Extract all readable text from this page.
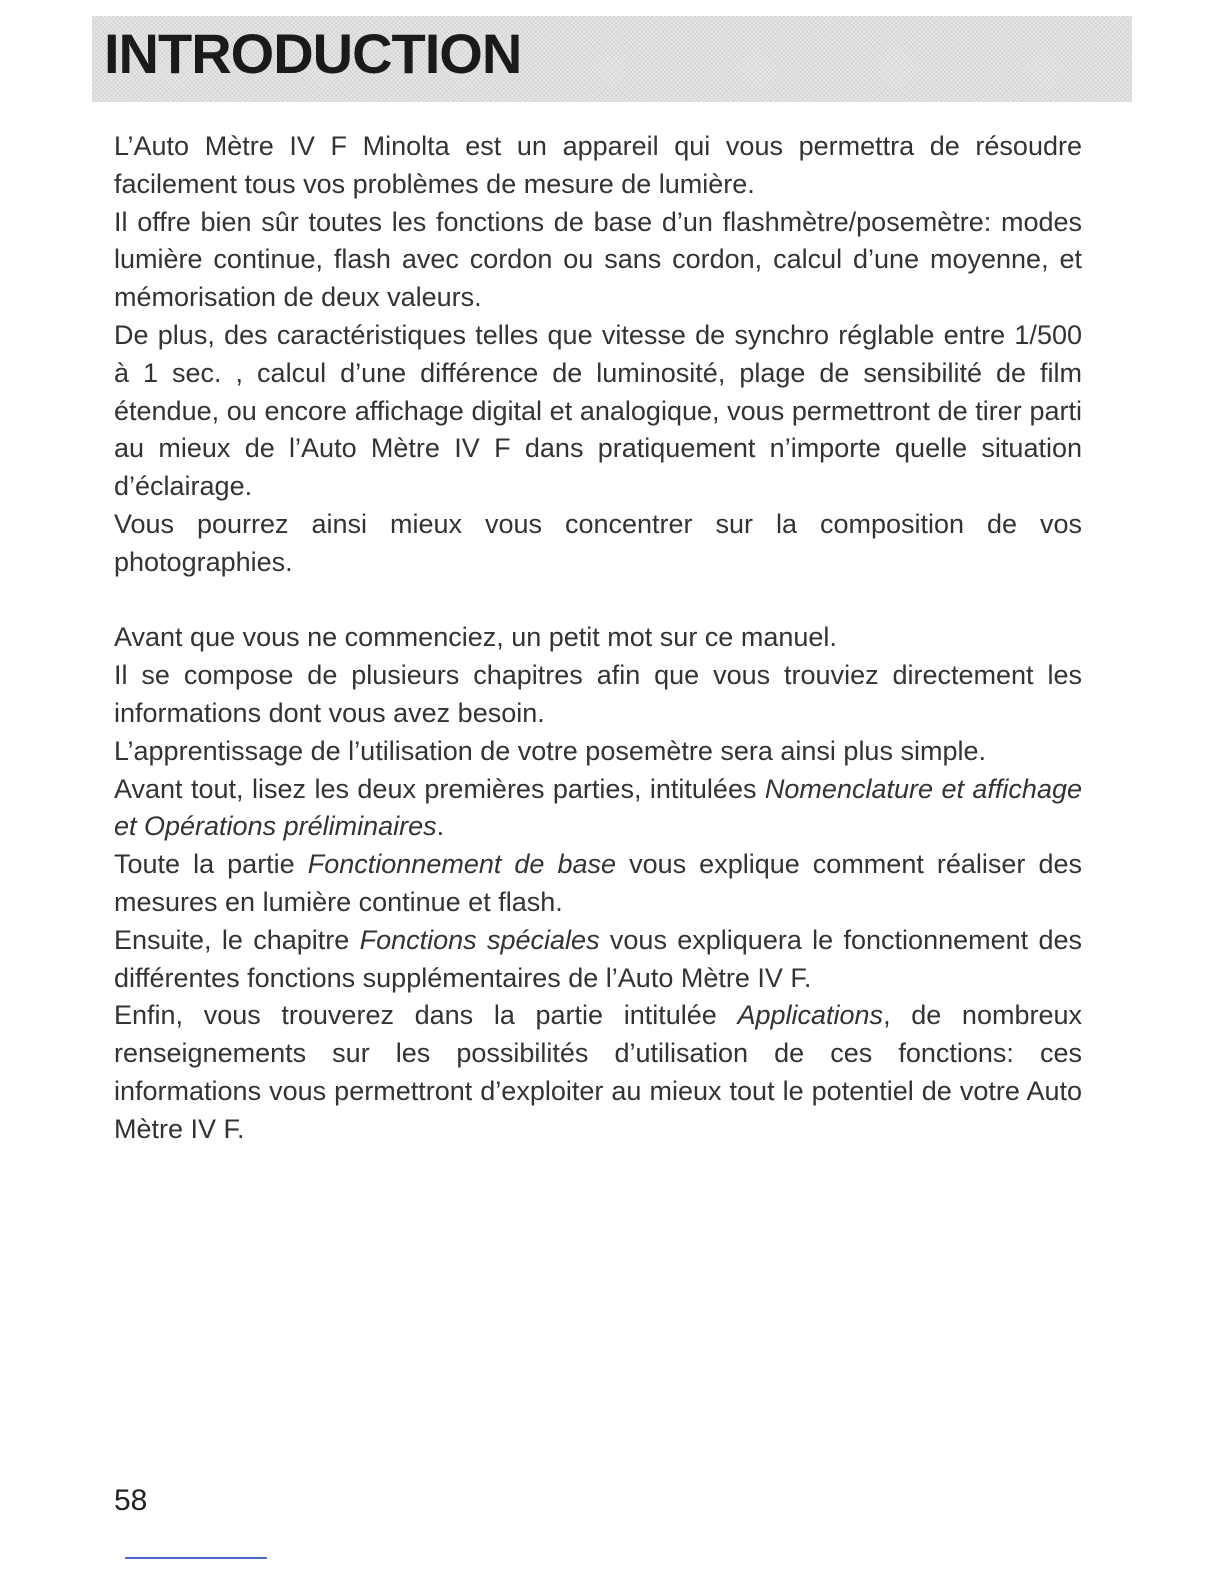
INTRODUCTION

L’Auto Mètre IV F Minolta est un appareil qui vous permettra de résoudre facilement tous vos problèmes de mesure de lumière.

Il offre bien sûr toutes les fonctions de base d’un flashmètre/posemètre: modes lumière continue, flash avec cordon ou sans cordon, calcul d’une moyenne, et mémorisation de deux valeurs.

De plus, des caractéristiques telles que vitesse de synchro réglable entre 1/500 à 1 sec. , calcul d’une différence de luminosité, plage de sensibilité de film étendue, ou encore affichage digital et analogique, vous permettront de tirer parti au mieux de l’Auto Mètre IV F dans pratiquement n’importe quelle situation d’éclairage.

Vous pourrez ainsi mieux vous concentrer sur la composition de vos photographies.

Avant que vous ne commenciez, un petit mot sur ce manuel.

Il se compose de plusieurs chapitres afin que vous trouviez directement les informations dont vous avez besoin.

L’apprentissage de l’utilisation de votre posemètre sera ainsi plus simple.

Avant tout, lisez les deux premières parties, intitulées Nomenclature et affichage et Opérations préliminaires.

Toute la partie Fonctionnement de base vous explique comment réaliser des mesures en lumière continue et flash.

Ensuite, le chapitre Fonctions spéciales vous expliquera le fonctionnement des différentes fonctions supplémentaires de l’Auto Mètre IV F.

Enfin, vous trouverez dans la partie intitulée Applications, de nombreux renseignements sur les possibilités d’utilisation de ces fonctions: ces informations vous permettront d’exploiter au mieux tout le potentiel de votre Auto Mètre IV F.

58
